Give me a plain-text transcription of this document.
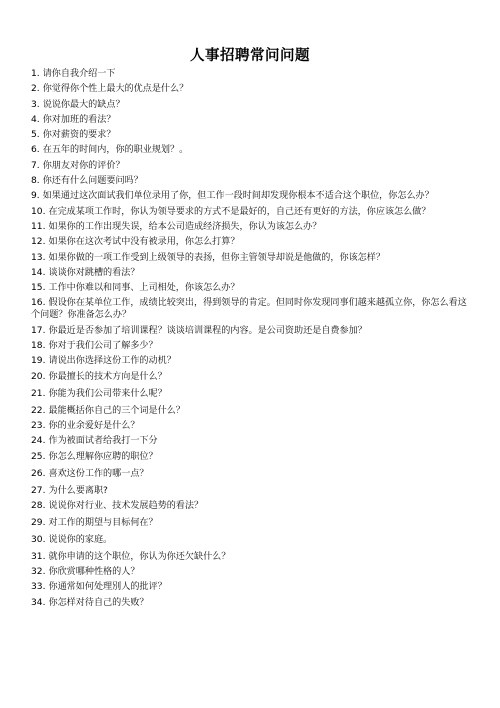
人事招聘常问问题
1. 请你自我介绍一下
2. 你觉得你个性上最大的优点是什么？
3. 说说你最大的缺点？
4. 你对加班的看法？
5. 你对薪资的要求？
6. 在五年的时间内，你的职业规划？。
7. 你朋友对你的评价？
8. 你还有什么问题要问吗？
9. 如果通过这次面试我们单位录用了你，但工作一段时间却发现你根本不适合这个职位，你怎么办？
10. 在完成某项工作时，你认为领导要求的方式不是最好的，自己还有更好的方法，你应该怎么做？
11. 如果你的工作出现失误，给本公司造成经济损失，你认为该怎么办？
12. 如果你在这次考试中没有被录用，你怎么打算？
13. 如果你做的一项工作受到上级领导的表扬，但你主管领导却说是他做的，你该怎样？
14. 谈谈你对跳槽的看法？
15. 工作中你难以和同事、上司相处，你该怎么办？
16. 假设你在某单位工作，成绩比较突出，得到领导的肯定。但同时你发现同事们越来越孤立你，你怎么看这个问题？你准备怎么办？
17. 你最近是否参加了培训课程？谈谈培训课程的内容。是公司资助还是自费参加？
18. 你对于我们公司了解多少？
19. 请说出你选择这份工作的动机？
20. 你最擅长的技术方向是什么？
21. 你能为我们公司带来什么呢？
22. 最能概括你自己的三个词是什么？
23. 你的业余爱好是什么？
24. 作为被面试者给我打一下分
25. 你怎么理解你应聘的职位？
26. 喜欢这份工作的哪一点？
27. 为什么要离职?
28. 说说你对行业、技术发展趋势的看法？
29. 对工作的期望与目标何在？
30. 说说你的家庭。
31. 就你申请的这个职位，你认为你还欠缺什么？
32. 你欣赏哪种性格的人？
33. 你通常如何处理別人的批评？
34. 你怎样对待自己的失败？
